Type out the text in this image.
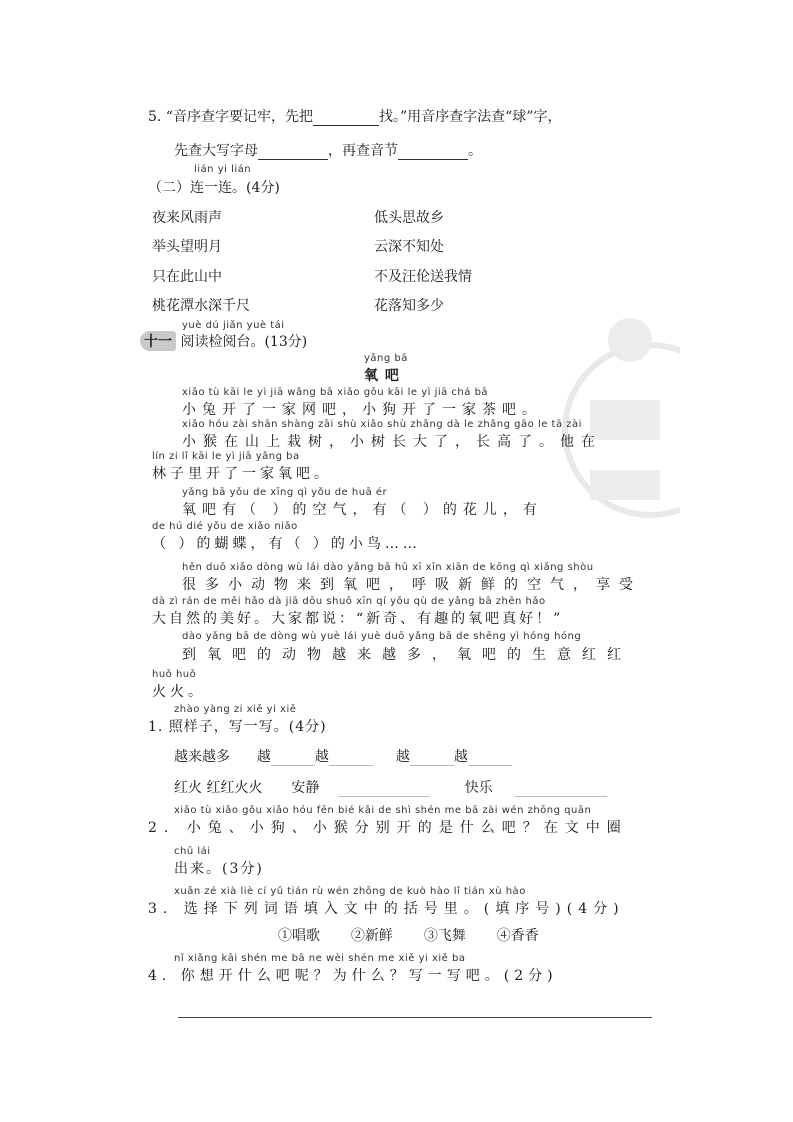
5. “音序查字要记牢，先把	找。”用音序查字法查“球”字，
先查大写字母	，再查音节	。
lián yi lián
（二）连一连。(4分)
夜来风雨声
举头望明月
只在此山中
桃花潭水深千尺
低头思故乡
云深不知处
不及汪伦送我情
花落知多少
yuè dú jiǎn yuè tái
十一 阅读检阅台。(13分)
yǎng bā
氧 吧
xiǎo tù kāi le yì jiā wǎng bā xiǎo gǒu kāi le yì jiā chá bā
小兔开了一家网吧，小狗开了一家茶吧。
xiǎo hóu zài shān shàng zāi shù xiǎo shù zhǎng dà le zhǎng gāo le tā zài
小猴在山上栽树，小树长大了，长高了。他在
lín zi lǐ kāi le yì jiā yǎng ba
林子里开了一家氧吧。
yǎng bā yǒu de xīng qì yǒu de huā ér
氧吧有（ ）的空气，有（ ）的花儿，有
de hú dié yǒu de xiǎo niǎo
（ ）的蝴蝶，有（ ）的小鸟……
hěn duō xiǎo dòng wù lái dào yǎng bā hū xī xīn xiān de kōng qì xiǎng shòu
很多小动物来到氧吧，呼吸新鲜的空气，享受
dà zì rán de měi hǎo dà jiā dōu shuō xīn qí yǒu qù de yǎng bā zhēn hǎo
大自然的美好。大家都说：“新奇、有趣的氧吧真好！”
dào yǎng bā de dòng wù yuè lái yuè duō yǎng bā de shēng yì hóng hóng
到氧吧的动物越来越多，氧吧的生意红红
huǒ huǒ
火火。
zhào yàng zi xiě yi xiě
1. 照样子，写一写。(4分)
越来越多 越	越	越	越
红火 红红火火 安静	快乐
xiǎo tù xiǎo gǒu xiǎo hóu fēn bié kāi de shì shén me bā zài wén zhōng quān
2. 小兔、小狗、小猴分别开的是什么吧？在文中圈
chū lái
出来。(3分)
xuǎn zé xià liè cí yǔ tián rù wén zhōng de kuò hào lǐ tián xù hào
3. 选择下列词语填入文中的括号里。(填序号)(4分)
①唱歌 ②新鲜 ③飞舞 ④香香
nǐ xiǎng kāi shén me bā ne wèi shén me xiě yi xiě ba
4. 你想开什么吧呢？为什么？写一写吧。(2分)
